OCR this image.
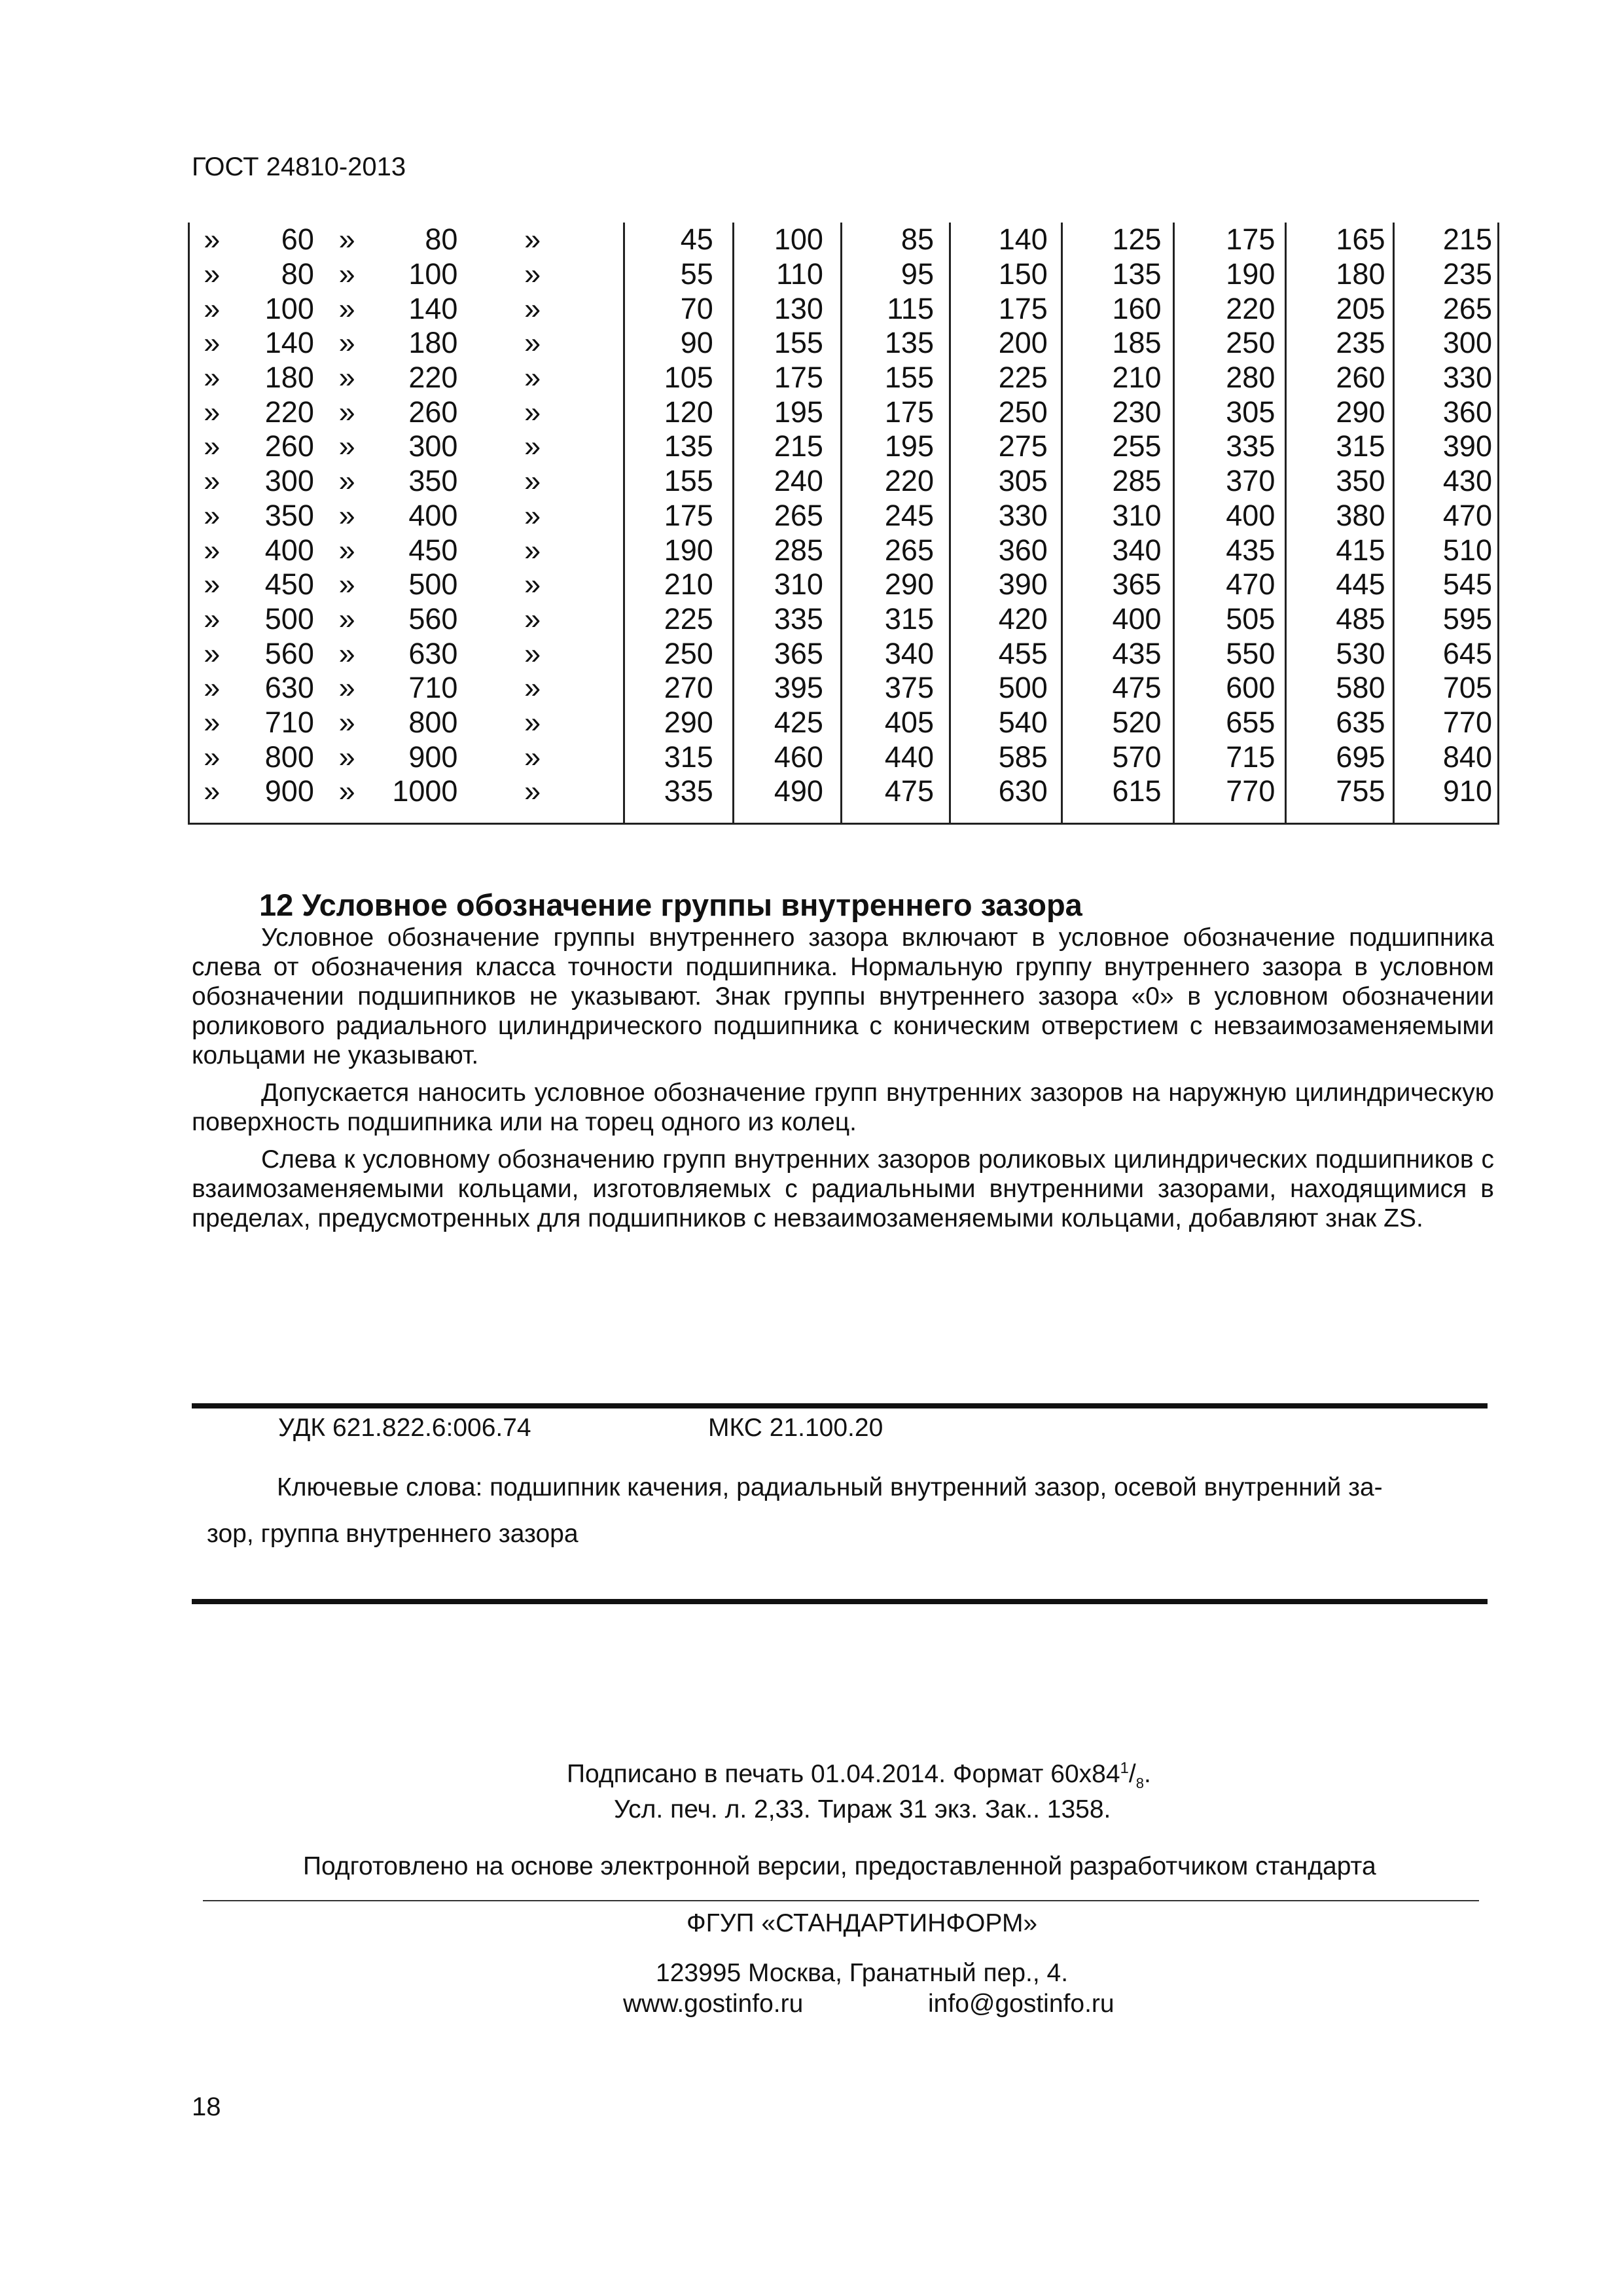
ГОСТ 24810-2013
»	60	»	80	»	45	100	85	140	125	175	165	215
»	80	»	100	»	55	110	95	150	135	190	180	235
»	100	»	140	»	70	130	115	175	160	220	205	265
»	140	»	180	»	90	155	135	200	185	250	235	300
»	180	»	220	»	105	175	155	225	210	280	260	330
»	220	»	260	»	120	195	175	250	230	305	290	360
»	260	»	300	»	135	215	195	275	255	335	315	390
»	300	»	350	»	155	240	220	305	285	370	350	430
»	350	»	400	»	175	265	245	330	310	400	380	470
»	400	»	450	»	190	285	265	360	340	435	415	510
»	450	»	500	»	210	310	290	390	365	470	445	545
»	500	»	560	»	225	335	315	420	400	505	485	595
»	560	»	630	»	250	365	340	455	435	550	530	645
»	630	»	710	»	270	395	375	500	475	600	580	705
»	710	»	800	»	290	425	405	540	520	655	635	770
»	800	»	900	»	315	460	440	585	570	715	695	840
»	900	»	1000	»	335	490	475	630	615	770	755	910
12 Условное обозначение группы внутреннего зазора
Условное обозначение группы внутреннего зазора включают в условное обозначение подшипника слева от обозначения класса точности подшипника. Нормальную группу внутреннего зазора в условном обозначении подшипников не указывают. Знак группы внутреннего зазора «0» в условном обозначении роликового радиального цилиндрического подшипника с коническим отверстием с невзаимозаменяемыми кольцами не указывают.
Допускается наносить условное обозначение групп внутренних зазоров на наружную цилиндрическую поверхность подшипника или на торец одного из колец.
Слева к условному обозначению групп внутренних зазоров роликовых цилиндрических подшипников с взаимозаменяемыми кольцами, изготовляемых с радиальными внутренними зазорами, находящимися в пределах, предусмотренных для подшипников с невзаимозаменяемыми кольцами, добавляют знак ZS.
УДК 621.822.6:006.74	МКС 21.100.20
Ключевые слова: подшипник качения, радиальный внутренний зазор, осевой внутренний за-
зор, группа внутреннего зазора
Подписано в печать 01.04.2014. Формат $60x84^1/_8$.
Усл. печ. л. 2,33. Тираж 31 экз. Зак.. 1358.
Подготовлено на основе электронной версии, предоставленной разработчиком стандарта
ФГУП «СТАНДАРТИНФОРМ»
123995 Москва, Гранатный пер., 4.
www.gostinfo.ru	info@gostinfo.ru
18
